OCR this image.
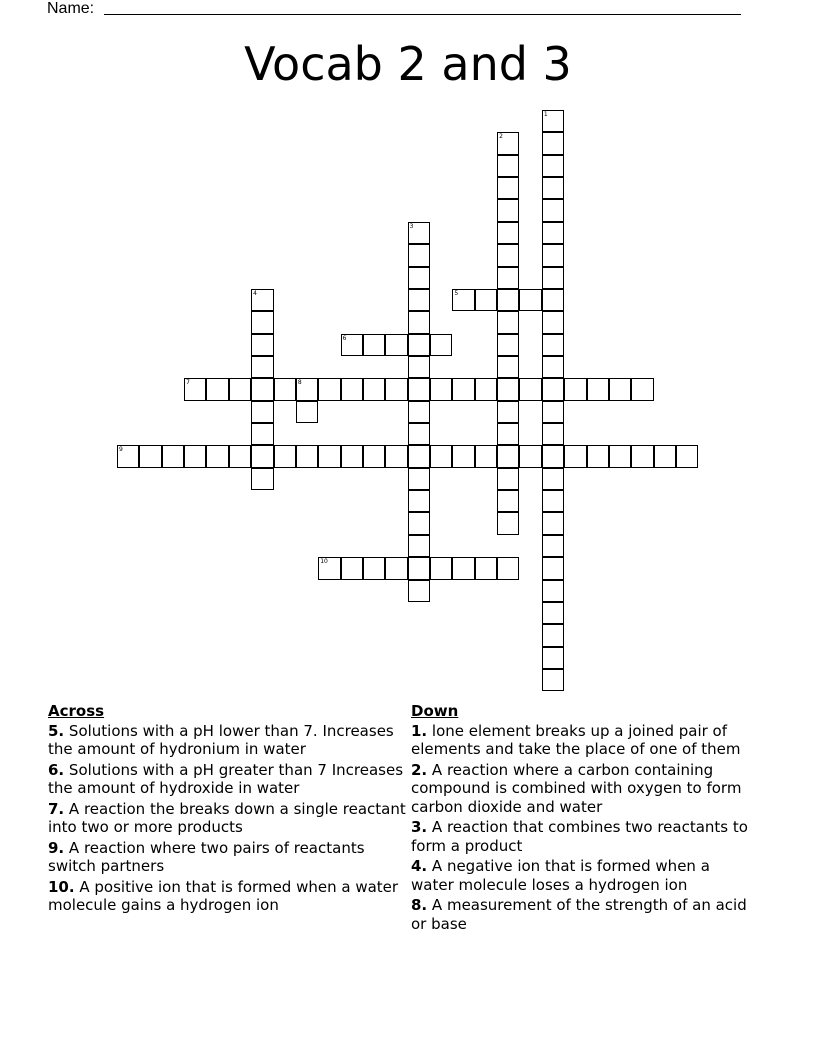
Name:
Vocab 2 and 3
5
6
7	8
9
10
1
2
3
4
Across
5. Solutions with a pH lower than 7. Increases the amount of hydronium in water
6. Solutions with a pH greater than 7 Increases the amount of hydroxide in water
7. A reaction the breaks down a single reactant into two or more products
9. A reaction where two pairs of reactants switch partners
10. A positive ion that is formed when a water molecule gains a hydrogen ion
Down
1. lone element breaks up a joined pair of elements and take the place of one of them
2. A reaction where a carbon containing compound is combined with oxygen to form carbon dioxide and water
3. A reaction that combines two reactants to form a product
4. A negative ion that is formed when a water molecule loses a hydrogen ion
8. A measurement of the strength of an acid or base
